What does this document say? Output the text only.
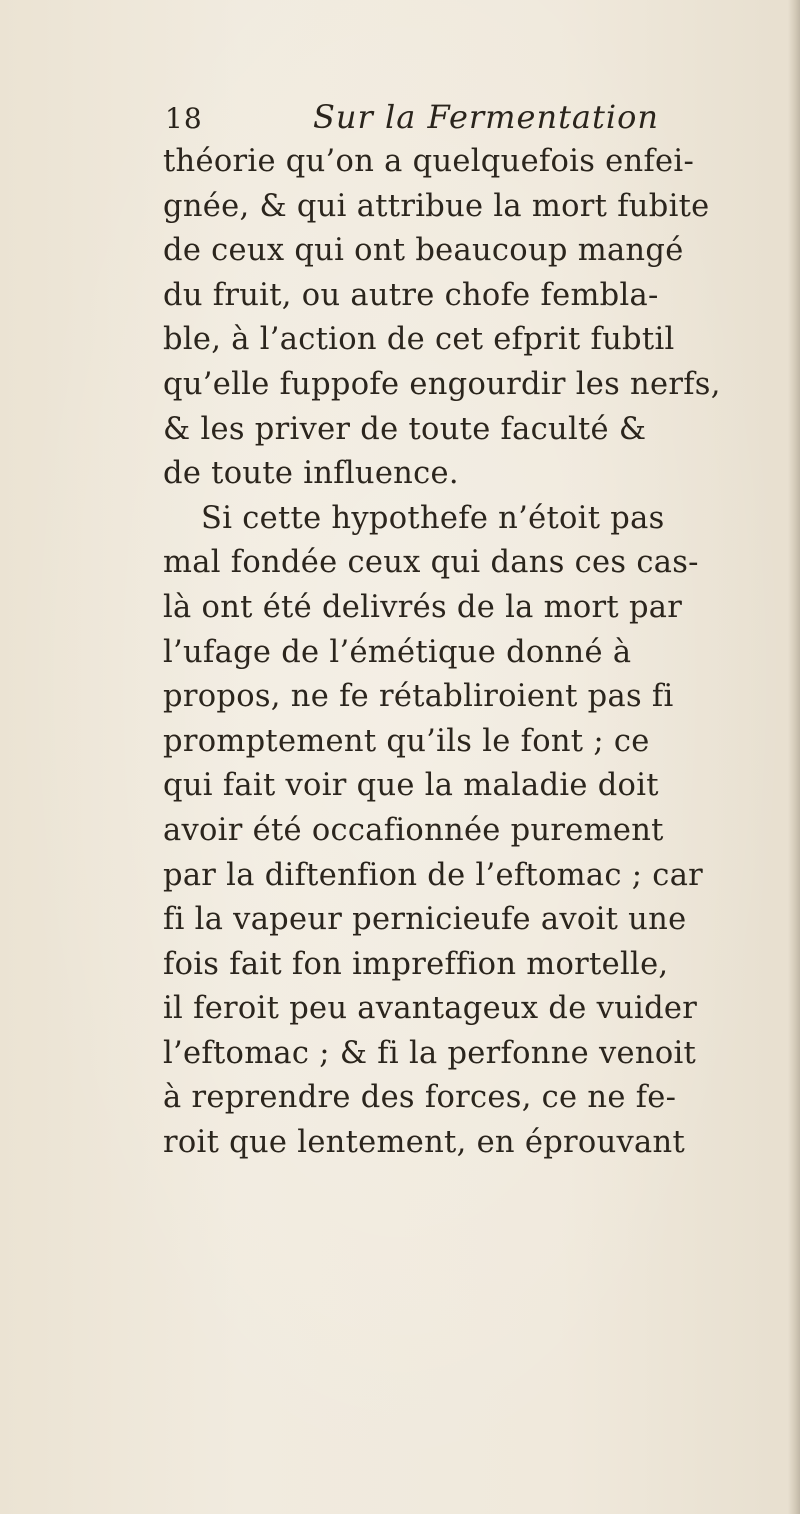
18	Sur la Fermentation
théorie qu’on a quelquefois enfei-
gnée, & qui attribue la mort fubite
de ceux qui ont beaucoup mangé
du fruit, ou autre chofe fembla-
ble, à l’action de cet efprit fubtil
qu’elle fuppofe engourdir les nerfs,
& les priver de toute faculté &
de toute influence.
Si cette hypothefe n’étoit pas
mal fondée ceux qui dans ces cas-
là ont été delivrés de la mort par
l’ufage de l’émétique donné à
propos, ne fe rétabliroient pas fi
promptement qu’ils le font ; ce
qui fait voir que la maladie doit
avoir été occafionnée purement
par la diftenfion de l’eftomac ; car
fi la vapeur pernicieufe avoit une
fois fait fon impreffion mortelle,
il feroit peu avantageux de vuider
l’eftomac ; & fi la perfonne venoit
à reprendre des forces, ce ne fe-
roit que lentement, en éprouvant
